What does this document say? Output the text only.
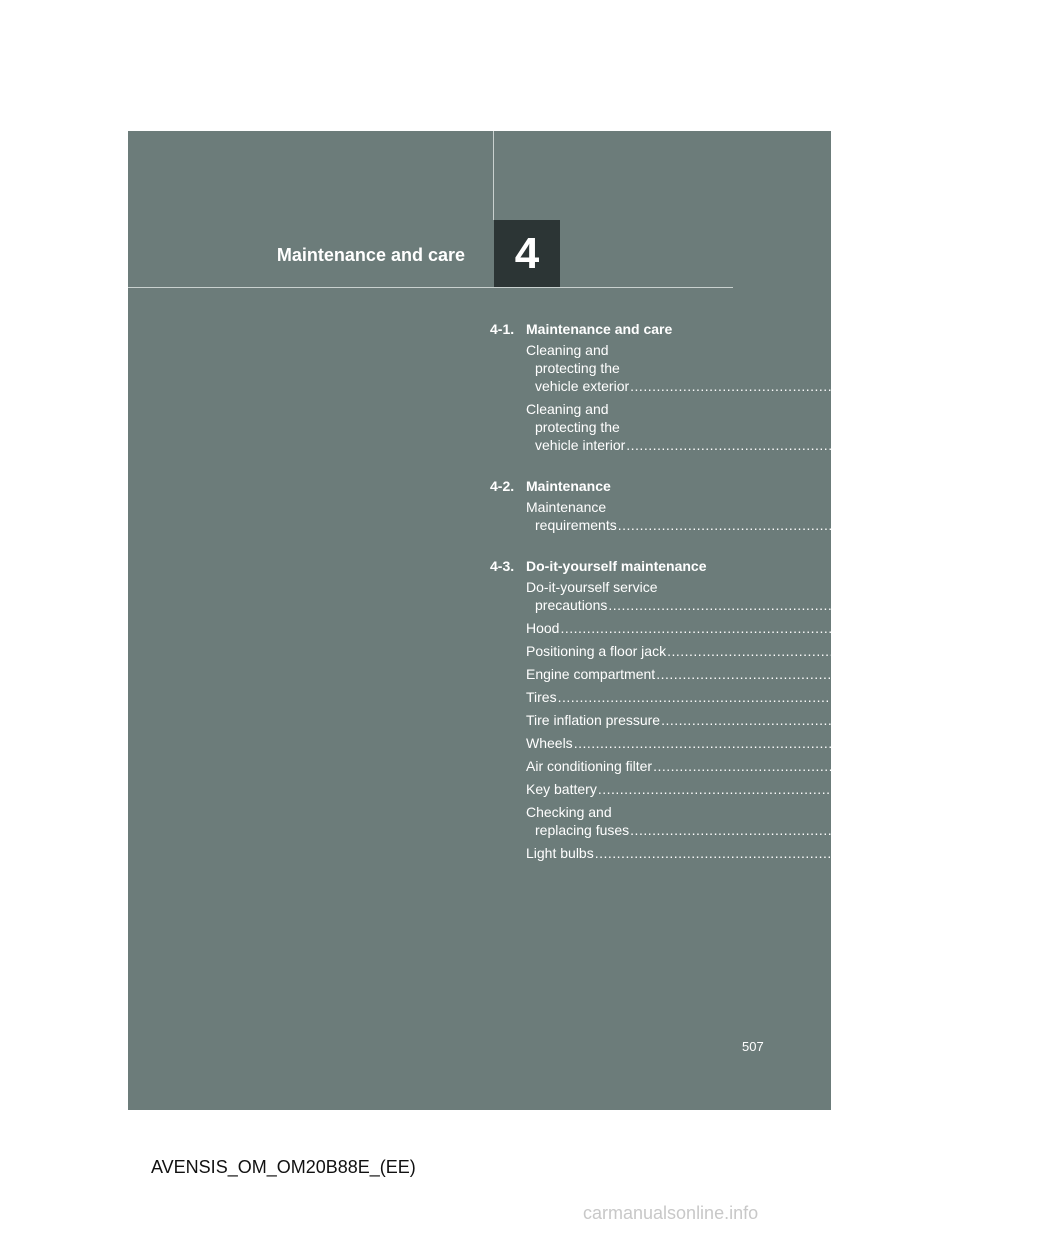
Maintenance and care	4
4-1. Maintenance and care
Cleaning and
protecting the
vehicle exterior ................................................................................ 508
Cleaning and
protecting the
vehicle interior ................................................................................ 513
4-2. Maintenance
Maintenance
requirements ................................................................................ 516
4-3. Do-it-yourself maintenance
Do-it-yourself service
precautions ................................................................................ 519
Hood ................................................................................ 523
Positioning a floor jack ................................................................................ 525
Engine compartment ................................................................................ 527
Tires ................................................................................ 545
Tire inflation pressure ................................................................................ 549
Wheels ................................................................................ 551
Air conditioning filter ................................................................................ 553
Key battery ................................................................................ 556
Checking and
replacing fuses ................................................................................ 560
Light bulbs ................................................................................ 576
507
AVENSIS_OM_OM20B88E_(EE)
carmanualsonline.info
